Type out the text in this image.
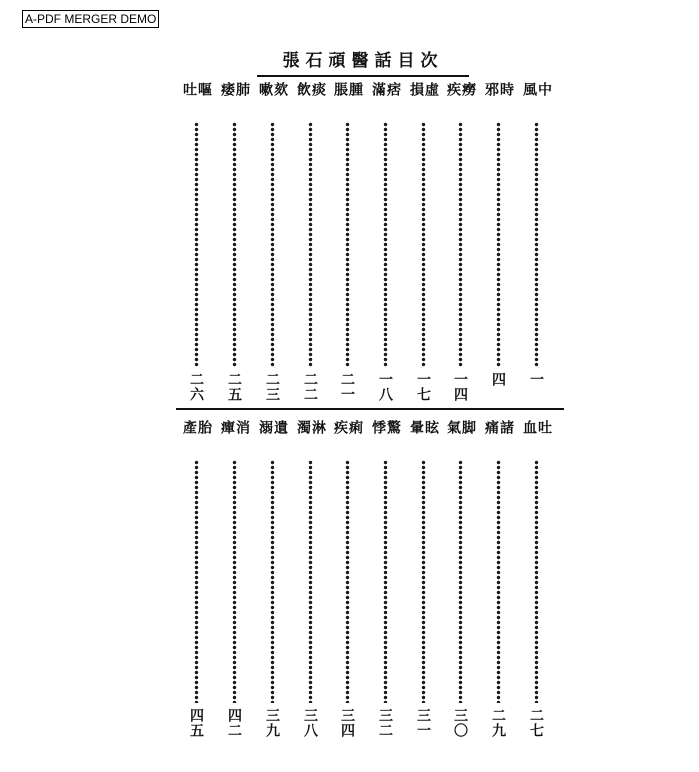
A-PDF MERGER DEMO
張石頑醫話目次
中
風
一
時
邪
四
癆
疾
一四
虛
損
一七
痞
滿
一八
腫
脹
二一
痰
飲
二二
欬
嗽
二三
肺
痿
二五
嘔
吐
二六
吐
血
二七
諸
痛
二九
脚
氣
三〇
眩
暈
三一
驚
悸
三二
痢
疾
三四
淋
濁
三八
遺
溺
三九
消
癉
四二
胎
產
四五
